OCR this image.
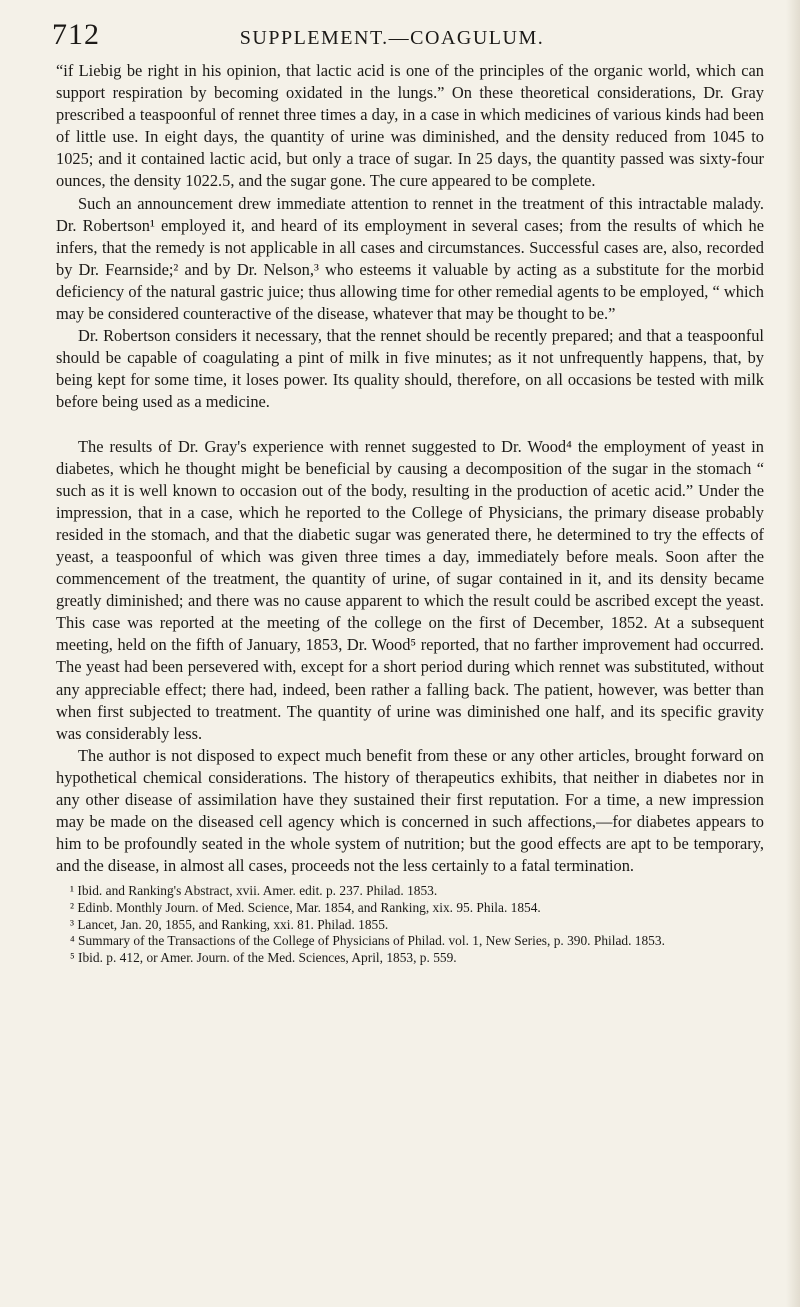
712	SUPPLEMENT.—COAGULUM.

“if Liebig be right in his opinion, that lactic acid is one of the principles of the organic world, which can support respiration by becoming oxidated in the lungs.” On these theoretical considerations, Dr. Gray prescribed a teaspoonful of rennet three times a day, in a case in which medicines of various kinds had been of little use. In eight days, the quantity of urine was diminished, and the density reduced from 1045 to 1025; and it contained lactic acid, but only a trace of sugar. In 25 days, the quantity passed was sixty-four ounces, the density 1022.5, and the sugar gone. The cure appeared to be complete.

Such an announcement drew immediate attention to rennet in the treatment of this intractable malady. Dr. Robertson¹ employed it, and heard of its employment in several cases; from the results of which he infers, that the remedy is not applicable in all cases and circumstances. Successful cases are, also, recorded by Dr. Fearnside;² and by Dr. Nelson,³ who esteems it valuable by acting as a substitute for the morbid deficiency of the natural gastric juice; thus allowing time for other remedial agents to be employed, “ which may be considered counteractive of the disease, whatever that may be thought to be.”

Dr. Robertson considers it necessary, that the rennet should be recently prepared; and that a teaspoonful should be capable of coagulating a pint of milk in five minutes; as it not unfrequently happens, that, by being kept for some time, it loses power. Its quality should, therefore, on all occasions be tested with milk before being used as a medicine.

The results of Dr. Gray's experience with rennet suggested to Dr. Wood⁴ the employment of yeast in diabetes, which he thought might be beneficial by causing a decomposition of the sugar in the stomach “ such as it is well known to occasion out of the body, resulting in the production of acetic acid.” Under the impression, that in a case, which he reported to the College of Physicians, the primary disease probably resided in the stomach, and that the diabetic sugar was generated there, he determined to try the effects of yeast, a teaspoonful of which was given three times a day, immediately before meals. Soon after the commencement of the treatment, the quantity of urine, of sugar contained in it, and its density became greatly diminished; and there was no cause apparent to which the result could be ascribed except the yeast. This case was reported at the meeting of the college on the first of December, 1852. At a subsequent meeting, held on the fifth of January, 1853, Dr. Wood⁵ reported, that no farther improvement had occurred. The yeast had been persevered with, except for a short period during which rennet was substituted, without any appreciable effect; there had, indeed, been rather a falling back. The patient, however, was better than when first subjected to treatment. The quantity of urine was diminished one half, and its specific gravity was considerably less.

The author is not disposed to expect much benefit from these or any other articles, brought forward on hypothetical chemical considerations. The history of therapeutics exhibits, that neither in diabetes nor in any other disease of assimilation have they sustained their first reputation. For a time, a new impression may be made on the diseased cell agency which is concerned in such affections,—for diabetes appears to him to be profoundly seated in the whole system of nutrition; but the good effects are apt to be temporary, and the disease, in almost all cases, proceeds not the less certainly to a fatal termination.

¹ Ibid. and Ranking's Abstract, xvii. Amer. edit. p. 237. Philad. 1853.

² Edinb. Monthly Journ. of Med. Science, Mar. 1854, and Ranking, xix. 95. Phila. 1854.

³ Lancet, Jan. 20, 1855, and Ranking, xxi. 81. Philad. 1855.

⁴ Summary of the Transactions of the College of Physicians of Philad. vol. 1, New Series, p. 390. Philad. 1853.

⁵ Ibid. p. 412, or Amer. Journ. of the Med. Sciences, April, 1853, p. 559.
